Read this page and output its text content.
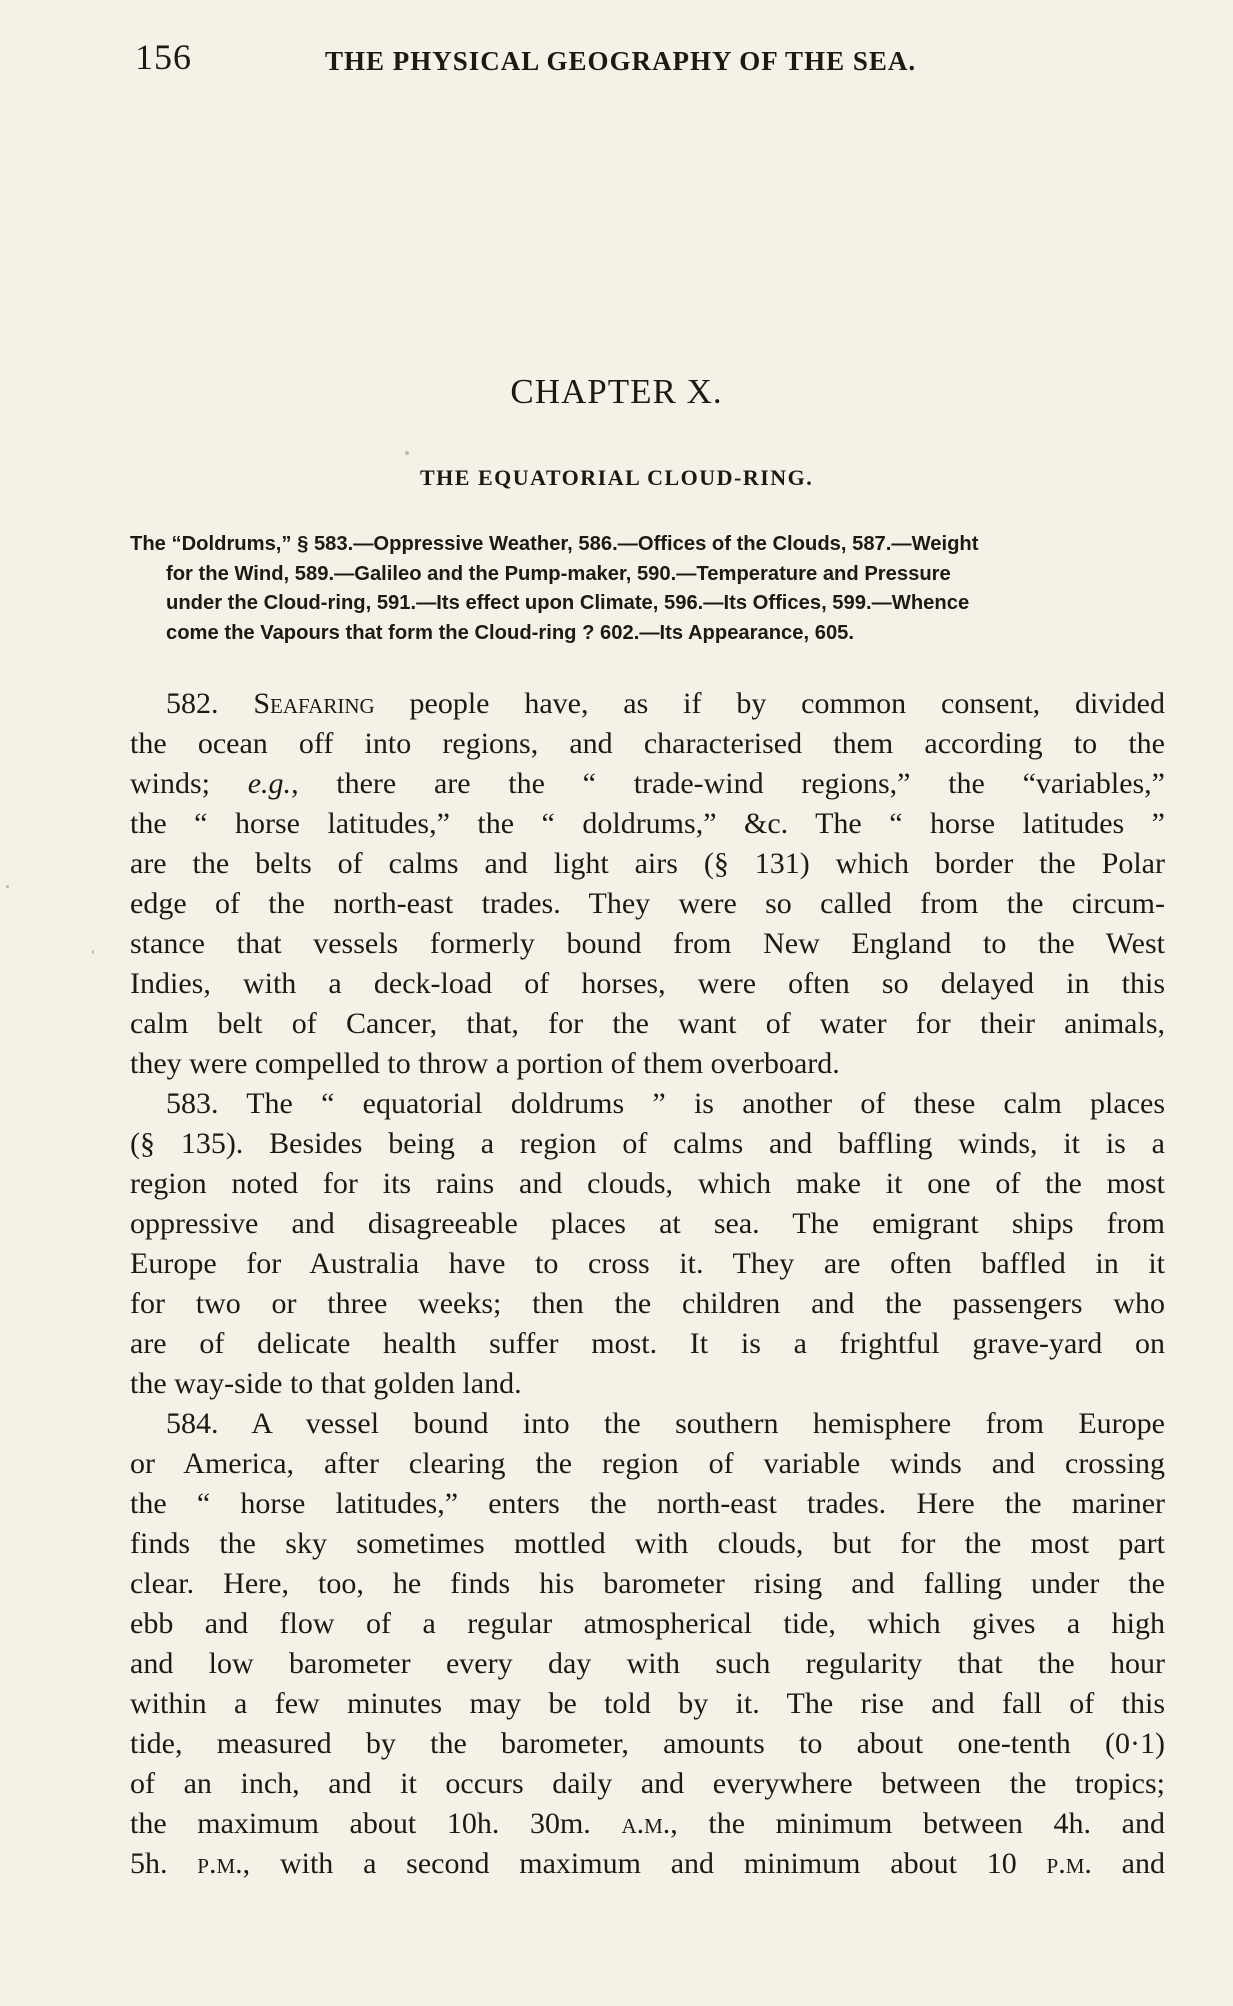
156	THE PHYSICAL GEOGRAPHY OF THE SEA.
CHAPTER X.
THE EQUATORIAL CLOUD-RING.
The “Doldrums,” § 583.—Oppressive Weather, 586.—Offices of the Clouds, 587.—Weight
for the Wind, 589.—Galileo and the Pump-maker, 590.—Temperature and Pressure
under the Cloud-ring, 591.—Its effect upon Climate, 596.—Its Offices, 599.—Whence
come the Vapours that form the Cloud-ring ? 602.—Its Appearance, 605.
582. Seafaring people have, as if by common consent, divided
the ocean off into regions, and characterised them according to the
winds; e.g., there are the “ trade-wind regions,” the “variables,”
the “ horse latitudes,” the “ doldrums,” &c. The “ horse latitudes ”
are the belts of calms and light airs (§ 131) which border the Polar
edge of the north-east trades. They were so called from the circum-
stance that vessels formerly bound from New England to the West
Indies, with a deck-load of horses, were often so delayed in this
calm belt of Cancer, that, for the want of water for their animals,
they were compelled to throw a portion of them overboard.
583. The “ equatorial doldrums ” is another of these calm places
(§ 135). Besides being a region of calms and baffling winds, it is a
region noted for its rains and clouds, which make it one of the most
oppressive and disagreeable places at sea. The emigrant ships from
Europe for Australia have to cross it. They are often baffled in it
for two or three weeks; then the children and the passengers who
are of delicate health suffer most. It is a frightful grave-yard on
the way-side to that golden land.
584. A vessel bound into the southern hemisphere from Europe
or America, after clearing the region of variable winds and crossing
the “ horse latitudes,” enters the north-east trades. Here the mariner
finds the sky sometimes mottled with clouds, but for the most part
clear. Here, too, he finds his barometer rising and falling under the
ebb and flow of a regular atmospherical tide, which gives a high
and low barometer every day with such regularity that the hour
within a few minutes may be told by it. The rise and fall of this
tide, measured by the barometer, amounts to about one-tenth (0·1)
of an inch, and it occurs daily and everywhere between the tropics;
the maximum about 10h. 30m. a.m., the minimum between 4h. and
5h. p.m., with a second maximum and minimum about 10 p.m. and
